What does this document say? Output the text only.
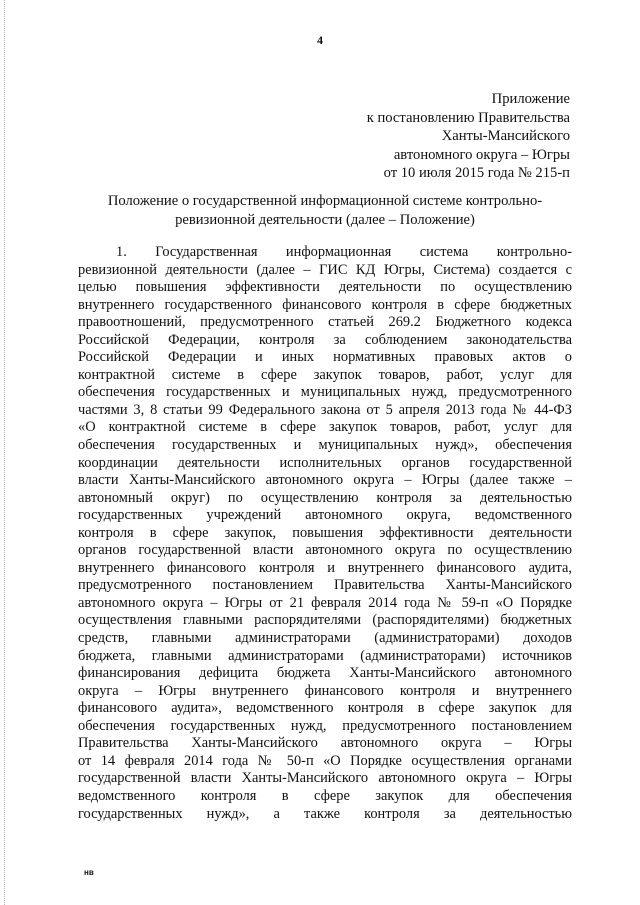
4
Приложение
к постановлению Правительства
Ханты-Мансийского
автономного округа – Югры
от 10 июля 2015 года № 215-п
Положение о государственной информационной системе контрольно-
ревизионной деятельности (далее – Положение)
1. Государственная информационная система контрольно-
ревизионной деятельности (далее – ГИС КД Югры, Система) создается с
целью повышения эффективности деятельности по осуществлению
внутреннего государственного финансового контроля в сфере бюджетных
правоотношений, предусмотренного статьей 269.2 Бюджетного кодекса
Российской Федерации, контроля за соблюдением законодательства
Российской Федерации и иных нормативных правовых актов о
контрактной системе в сфере закупок товаров, работ, услуг для
обеспечения государственных и муниципальных нужд, предусмотренного
частями 3, 8 статьи 99 Федерального закона от 5 апреля 2013 года № 44-ФЗ
«О контрактной системе в сфере закупок товаров, работ, услуг для
обеспечения государственных и муниципальных нужд», обеспечения
координации деятельности исполнительных органов государственной
власти Ханты-Мансийского автономного округа – Югры (далее также –
автономный округ) по осуществлению контроля за деятельностью
государственных учреждений автономного округа, ведомственного
контроля в сфере закупок, повышения эффективности деятельности
органов государственной власти автономного округа по осуществлению
внутреннего финансового контроля и внутреннего финансового аудита,
предусмотренного постановлением Правительства Ханты-Мансийского
автономного округа – Югры от 21 февраля 2014 года № 59-п «О Порядке
осуществления главными распорядителями (распорядителями) бюджетных
средств, главными администраторами (администраторами) доходов
бюджета, главными администраторами (администраторами) источников
финансирования дефицита бюджета Ханты-Мансийского автономного
округа – Югры внутреннего финансового контроля и внутреннего
финансового аудита», ведомственного контроля в сфере закупок для
обеспечения государственных нужд, предусмотренного постановлением
Правительства Ханты-Мансийского автономного округа – Югры
от 14 февраля 2014 года № 50-п «О Порядке осуществления органами
государственной власти Ханты-Мансийского автономного округа – Югры
ведомственного контроля в сфере закупок для обеспечения
государственных нужд», а также контроля за деятельностью
нв
